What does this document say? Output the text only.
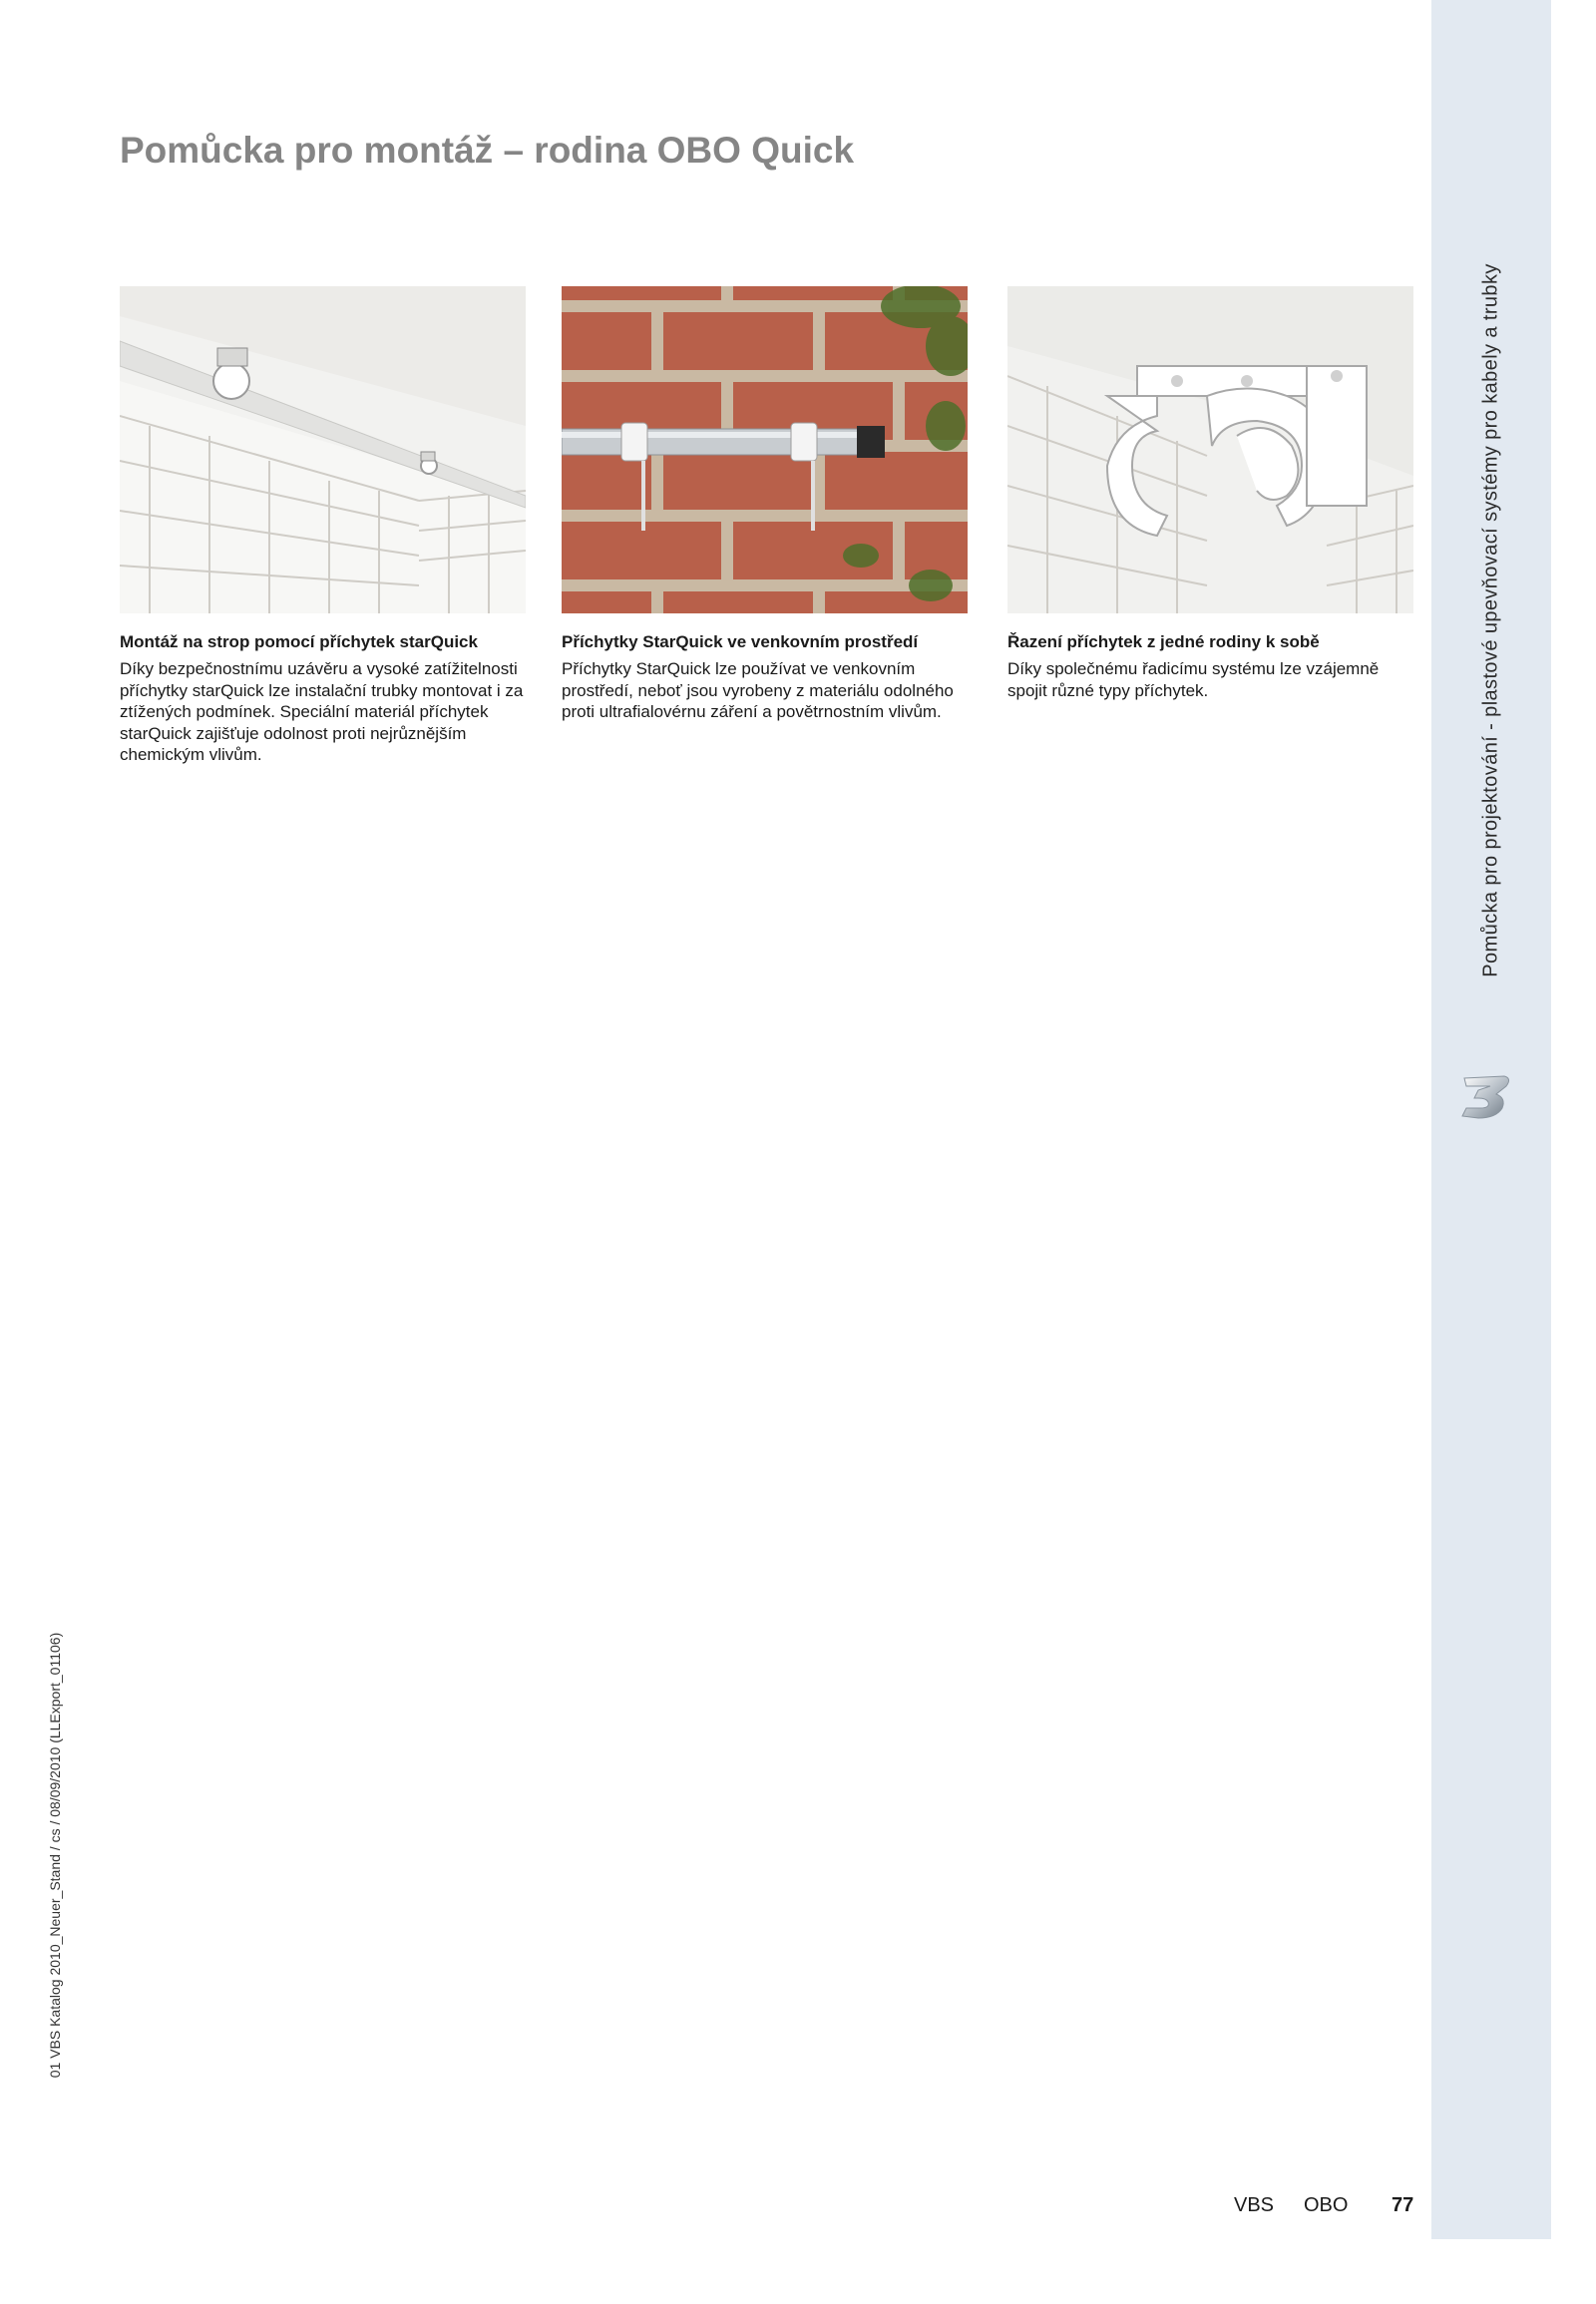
Pomůcka pro projektování - plastové upevňovací systémy pro kabely a trubky
01 VBS Katalog 2010_Neuer_Stand / cs / 08/09/2010 (LLExport_01106)
Pomůcka pro montáž – rodina OBO Quick
Montáž na strop pomocí příchytek starQuick

Díky bezpečnostnímu uzávěru a vysoké zatížitelnosti příchytky starQuick lze instalační trubky montovat i za ztížených podmínek. Speciální materiál příchytek starQuick zajišťuje odolnost proti nejrůznějším chemickým vlivům.

Příchytky StarQuick ve venkovním prostředí

Příchytky StarQuick lze používat ve venkovním prostředí, neboť jsou vyrobeny z materiálu odolného proti ultrafialovérnu záření a povětrnostním vlivům.

Řazení příchytek z jedné rodiny k sobě

Díky společnému řadicímu systému lze vzájemně spojit různé typy příchytek.

VBS OBO 77
